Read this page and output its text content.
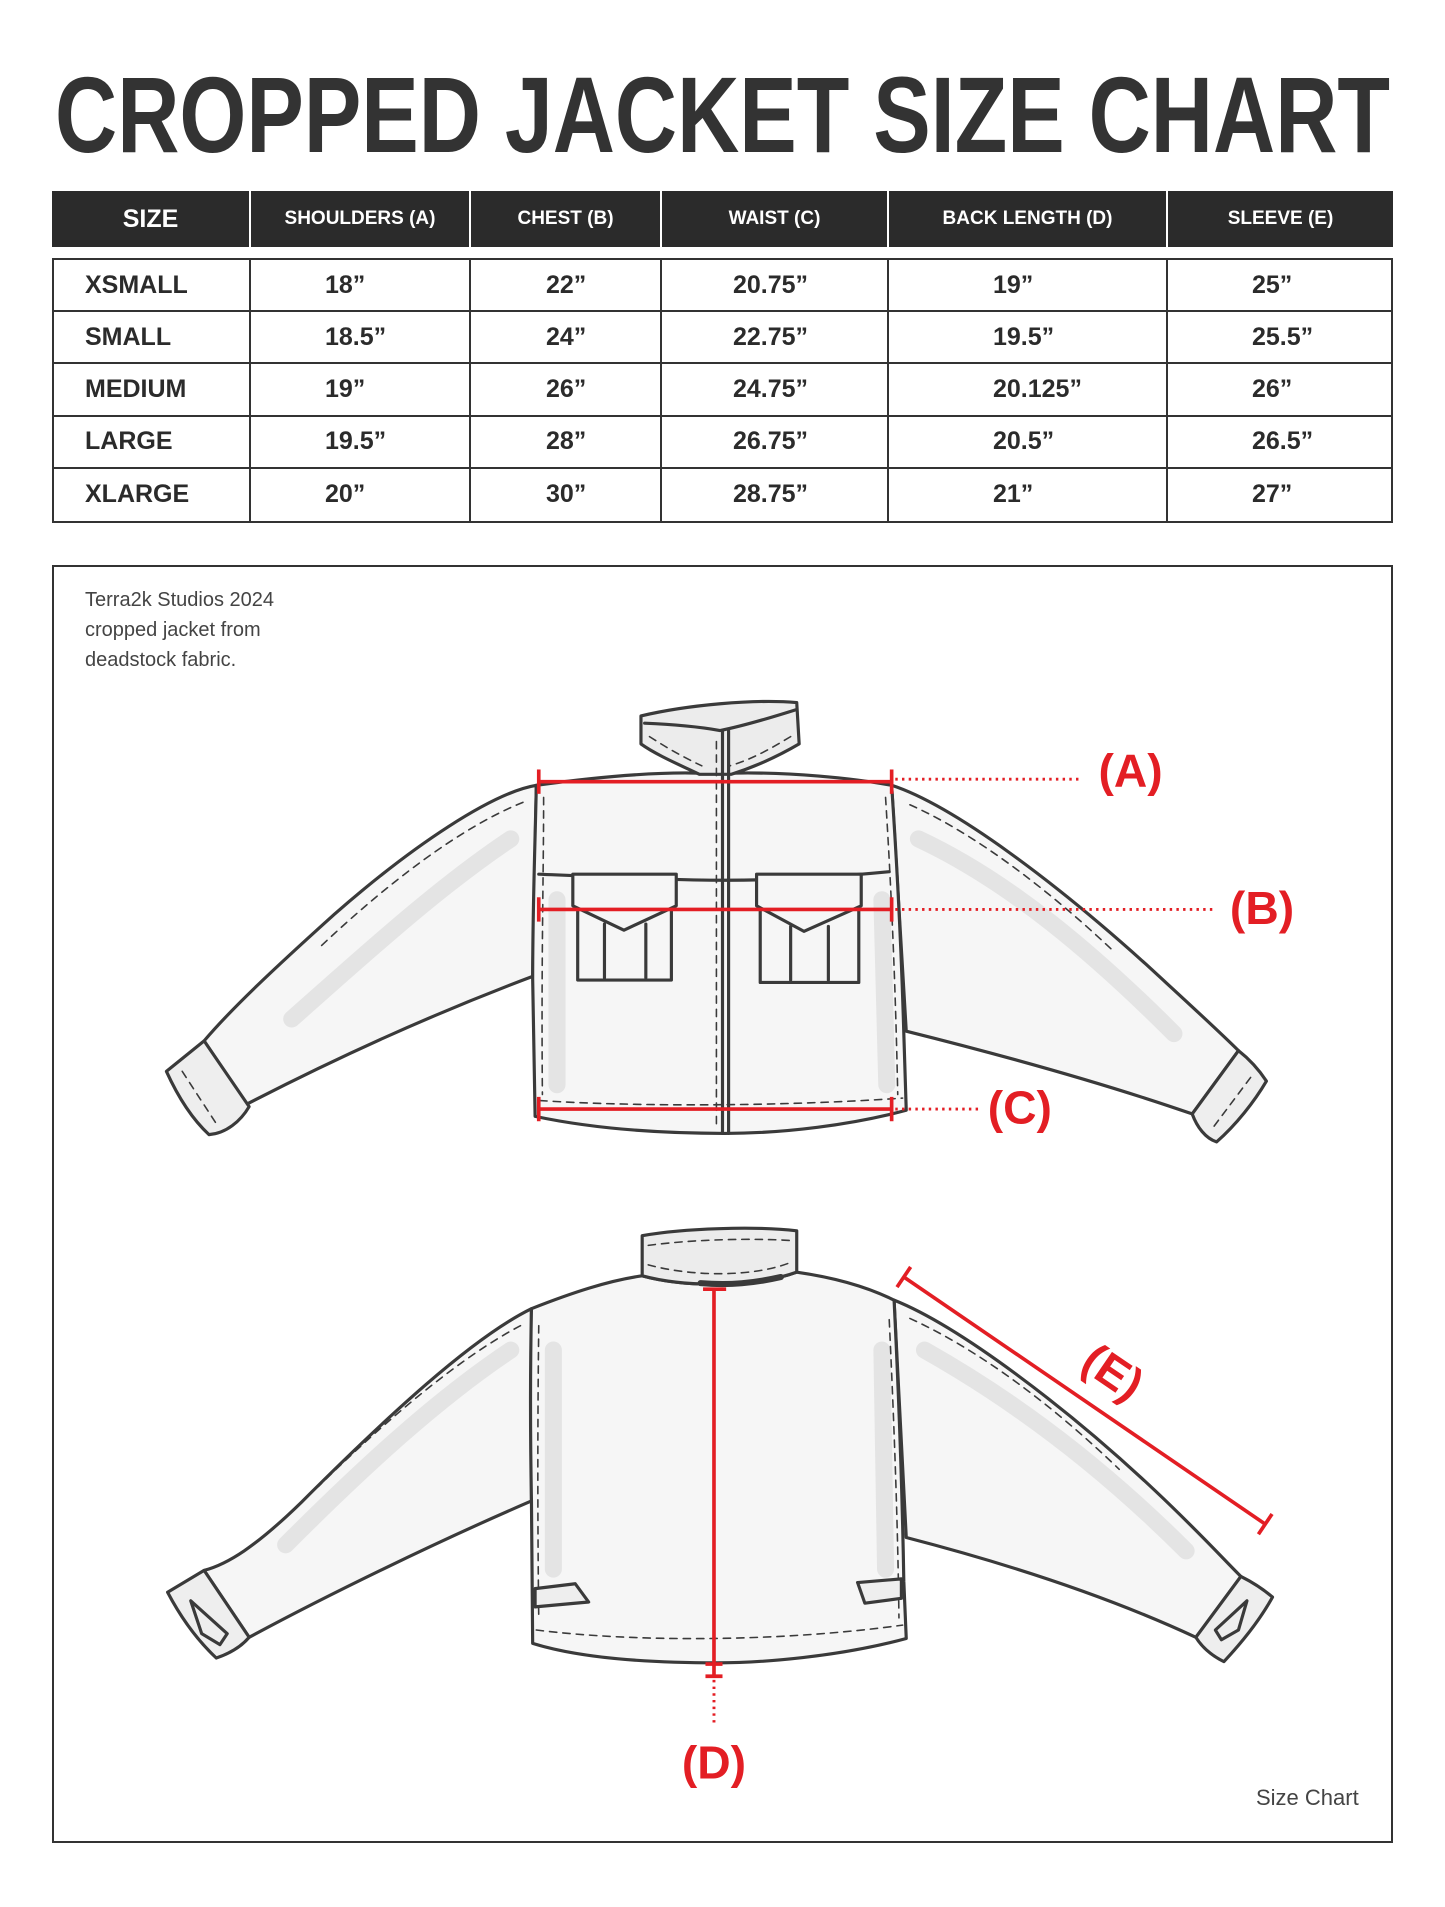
CROPPED JACKET SIZE CHART
SIZE	SHOULDERS (A)	CHEST (B)	WAIST (C)	BACK LENGTH (D)	SLEEVE (E)
XSMALL	18”	22”	20.75”	19”	25”
SMALL	18.5”	24”	22.75”	19.5”	25.5”
MEDIUM	19”	26”	24.75”	20.125”	26”
LARGE	19.5”	28”	26.75”	20.5”	26.5”
XLARGE	20”	30”	28.75”	21”	27”
Terra2k Studios 2024
cropped jacket from
deadstock fabric.
(A)
(B)
(C)
(D)
(E)
Size Chart
